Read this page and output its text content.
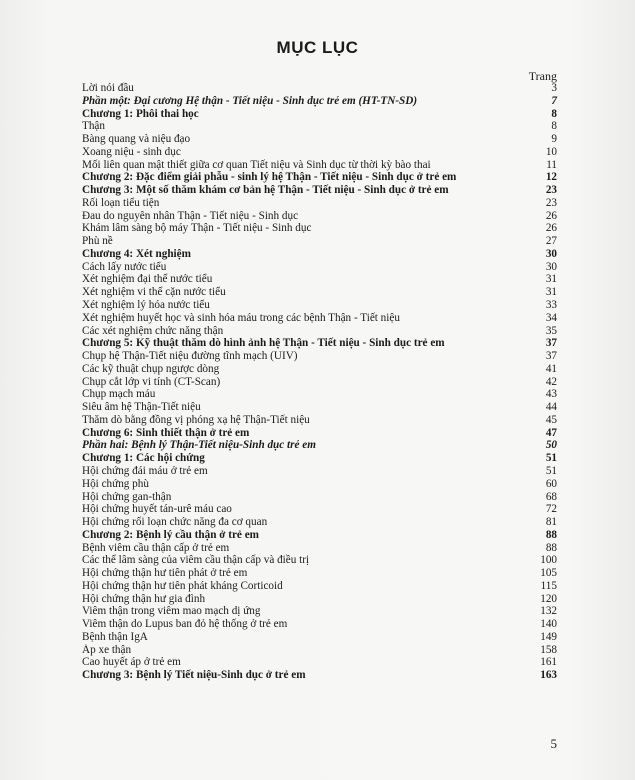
MỤC LỤC
Trang
Lời nói đầu	3
Phần một: Đại cương Hệ thận - Tiết niệu - Sinh dục trẻ em (HT-TN-SD)	7
Chương 1: Phôi thai học	8
Thận	8
Bàng quang và niệu đạo	9
Xoang niệu - sinh dục	10
Mối liên quan mật thiết giữa cơ quan Tiết niệu và Sinh dục từ thời kỳ bào thai	11
Chương 2: Đặc điểm giải phẫu - sinh lý hệ Thận - Tiết niệu - Sinh dục ở trẻ em	12
Chương 3: Một số thăm khám cơ bản hệ Thận - Tiết niệu - Sinh dục ở trẻ em	23
Rối loạn tiểu tiện	23
Đau do nguyên nhân Thận - Tiết niệu - Sinh dục	26
Khám lâm sàng bộ máy Thận - Tiết niệu - Sinh dục	26
Phù nề	27
Chương 4: Xét nghiệm	30
Cách lấy nước tiểu	30
Xét nghiệm đại thể nước tiểu	31
Xét nghiệm vi thể cặn nước tiểu	31
Xét nghiệm lý hóa nước tiểu	33
Xét nghiệm huyết học và sinh hóa máu trong các bệnh Thận - Tiết niệu	34
Các xét nghiệm chức năng thận	35
Chương 5: Kỹ thuật thăm dò hình ảnh hệ Thận - Tiết niệu - Sinh dục trẻ em	37
Chụp hệ Thận-Tiết niệu đường tĩnh mạch (UIV)	37
Các kỹ thuật chụp ngược dòng	41
Chụp cắt lớp vi tính (CT-Scan)	42
Chụp mạch máu	43
Siêu âm hệ Thận-Tiết niệu	44
Thăm dò bằng đồng vị phóng xạ hệ Thận-Tiết niệu	45
Chương 6: Sinh thiết thận ở trẻ em	47
Phần hai: Bệnh lý Thận-Tiết niệu-Sinh dục trẻ em	50
Chương 1: Các hội chứng	51
Hội chứng đái máu ở trẻ em	51
Hội chứng phù	60
Hội chứng gan-thận	68
Hội chứng huyết tán-urê máu cao	72
Hội chứng rối loạn chức năng đa cơ quan	81
Chương 2: Bệnh lý cầu thận ở trẻ em	88
Bệnh viêm cầu thận cấp ở trẻ em	88
Các thể lâm sàng của viêm cầu thận cấp và điều trị	100
Hội chứng thận hư tiên phát ở trẻ em	105
Hội chứng thận hư tiên phát kháng Corticoid	115
Hội chứng thận hư gia đình	120
Viêm thận trong viêm mao mạch dị ứng	132
Viêm thận do Lupus ban đỏ hệ thống ở trẻ em	140
Bệnh thận IgA	149
Áp xe thận	158
Cao huyết áp ở trẻ em	161
Chương 3: Bệnh lý Tiết niệu-Sinh dục ở trẻ em	163
5
